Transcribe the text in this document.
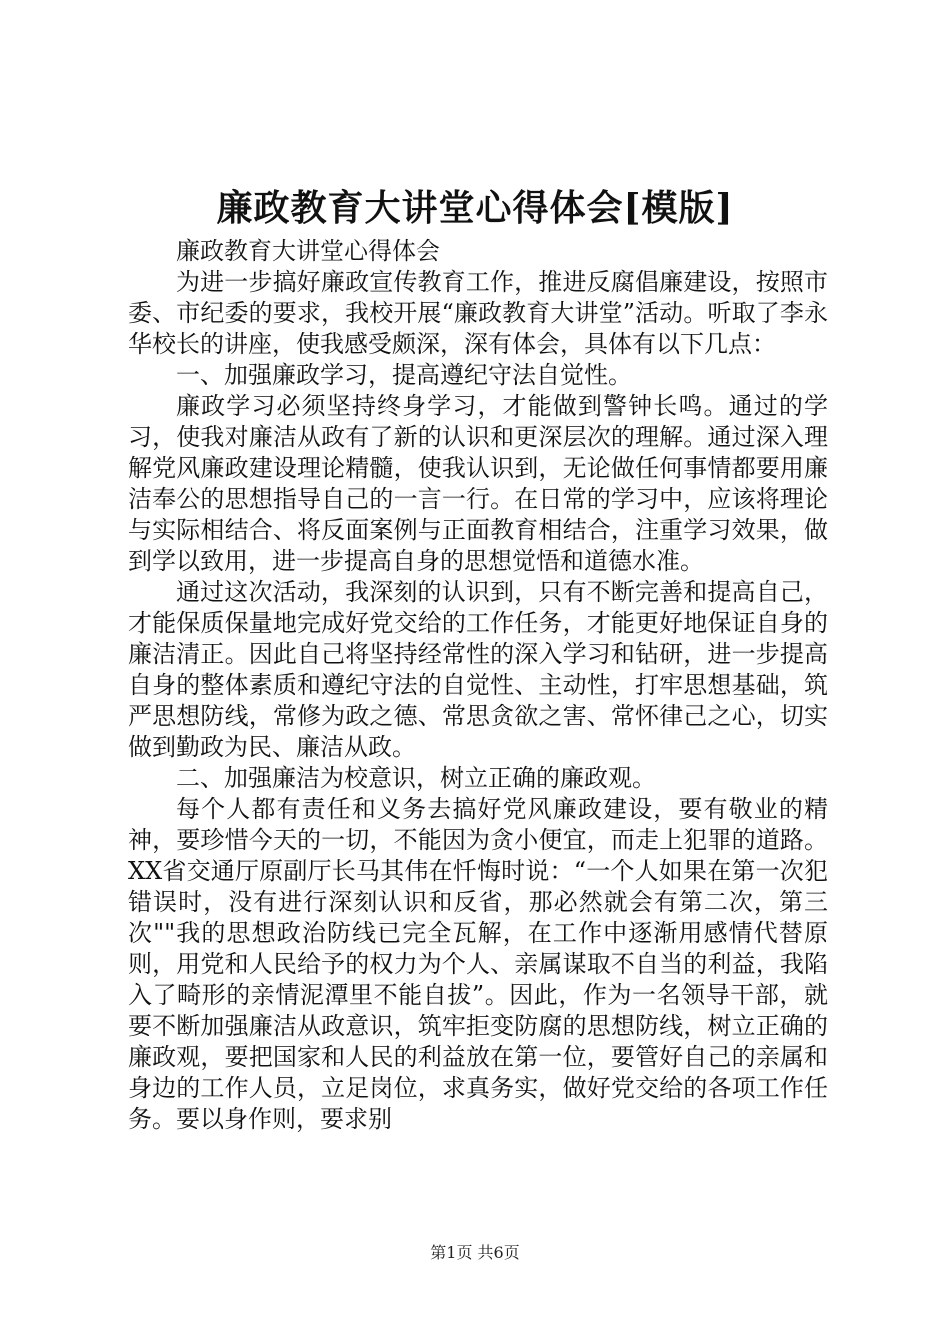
廉政教育大讲堂心得体会[模版]

廉政教育大讲堂心得体会

为进一步搞好廉政宣传教育工作，推进反腐倡廉建设，按照市委、市纪委的要求，我校开展“廉政教育大讲堂”活动。听取了李永华校长的讲座，使我感受颇深，深有体会，具体有以下几点：

一、加强廉政学习，提高遵纪守法自觉性。

廉政学习必须坚持终身学习，才能做到警钟长鸣。通过的学习，使我对廉洁从政有了新的认识和更深层次的理解。通过深入理解党风廉政建设理论精髓，使我认识到，无论做任何事情都要用廉洁奉公的思想指导自己的一言一行。在日常的学习中，应该将理论与实际相结合、将反面案例与正面教育相结合，注重学习效果，做到学以致用，进一步提高自身的思想觉悟和道德水准。

通过这次活动，我深刻的认识到，只有不断完善和提高自己，才能保质保量地完成好党交给的工作任务，才能更好地保证自身的廉洁清正。因此自己将坚持经常性的深入学习和钻研，进一步提高自身的整体素质和遵纪守法的自觉性、主动性，打牢思想基础，筑严思想防线，常修为政之德、常思贪欲之害、常怀律己之心，切实做到勤政为民、廉洁从政。

二、加强廉洁为校意识，树立正确的廉政观。

每个人都有责任和义务去搞好党风廉政建设，要有敬业的精神，要珍惜今天的一切，不能因为贪小便宜，而走上犯罪的道路。XX省交通厅原副厅长马其伟在忏悔时说：“一个人如果在第一次犯错误时，没有进行深刻认识和反省，那必然就会有第二次，第三次""我的思想政治防线已完全瓦解，在工作中逐渐用感情代替原则，用党和人民给予的权力为个人、亲属谋取不自当的利益，我陷入了畸形的亲情泥潭里不能自拔”。因此，作为一名领导干部，就要不断加强廉洁从政意识，筑牢拒变防腐的思想防线，树立正确的廉政观，要把国家和人民的利益放在第一位，要管好自己的亲属和身边的工作人员，立足岗位，求真务实，做好党交给的各项工作任务。要以身作则，要求别

第1页 共6页
